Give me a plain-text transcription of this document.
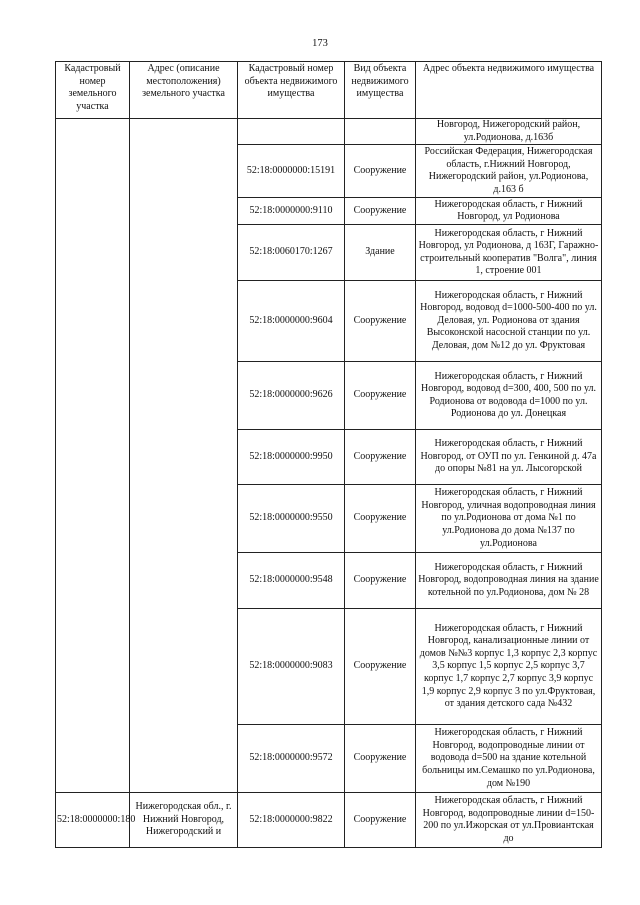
173
Кадастровый номер земельного участка	Адрес (описание местоположения) земельного участка	Кадастровый номер объекта недвижимого имущества	Вид объекта недвижимого имущества	Адрес объекта недвижимого имущества
				Новгород, Нижегородский район, ул.Родионова, д.163б
		52:18:0000000:15191	Сооружение	Российская Федерация, Нижегородская область, г.Нижний Новгород, Нижегородский район, ул.Родионова, д.163 б
		52:18:0000000:9110	Сооружение	Нижегородская область, г Нижний Новгород, ул Родионова
		52:18:0060170:1267	Здание	Нижегородская область, г Нижний Новгород, ул Родионова, д 163Г, Гаражно-строительный кооператив "Волга", линия 1, строение 001
		52:18:0000000:9604	Сооружение	Нижегородская область, г Нижний Новгород, водовод d=1000-500-400 по ул. Деловая, ул. Родионова от здания Высоконской насосной станции по ул. Деловая, дом №12 до ул. Фруктовая
		52:18:0000000:9626	Сооружение	Нижегородская область, г Нижний Новгород, водовод d=300, 400, 500 по ул. Родионова от водовода d=1000 по ул. Родионова до ул. Донецкая
		52:18:0000000:9950	Сооружение	Нижегородская область, г Нижний Новгород, от ОУП по ул. Генкиной д. 47а до опоры №81 на ул. Лысогорской
		52:18:0000000:9550	Сооружение	Нижегородская область, г Нижний Новгород, уличная водопроводная линия по ул.Родионова от дома №1 по ул.Родионова до дома №137 по ул.Родионова
		52:18:0000000:9548	Сооружение	Нижегородская область, г Нижний Новгород, водопроводная линия на здание котельной по ул.Родионова, дом № 28
		52:18:0000000:9083	Сооружение	Нижегородская область, г Нижний Новгород, канализационные линии от домов №№3 корпус 1,3 корпус 2,3 корпус 3,5 корпус 1,5 корпус 2,5 корпус 3,7 корпус 1,7 корпус 2,7 корпус 3,9 корпус 1,9 корпус 2,9 корпус 3 по ул.Фруктовая, от здания детского сада №432
		52:18:0000000:9572	Сооружение	Нижегородская область, г Нижний Новгород, водопроводные линии от водовода d=500 на здание котельной больницы им.Семашко по ул.Родионова, дом №190
52:18:0000000:180	Нижегородская обл., г. Нижний Новгород, Нижегородский и	52:18:0000000:9822	Сооружение	Нижегородская область, г Нижний Новгород, водопроводные линии d=150-200 по ул.Ижорская от ул.Провиантская до
